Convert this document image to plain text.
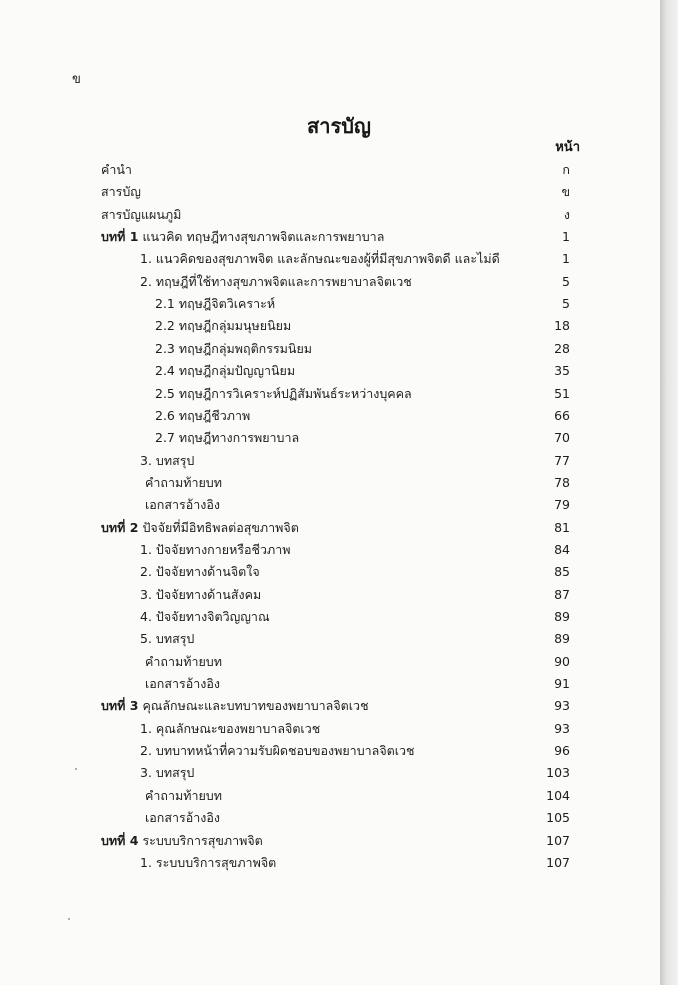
ข
สารบัญ
หน้า
คำนำ	ก
สารบัญ	ข
สารบัญแผนภูมิ	ง
บทที่ 1 แนวคิด ทฤษฎีทางสุขภาพจิตและการพยาบาล	1
1. แนวคิดของสุขภาพจิต และลักษณะของผู้ที่มีสุขภาพจิตดี และไม่ดี	1
2. ทฤษฎีที่ใช้ทางสุขภาพจิตและการพยาบาลจิตเวช	5
2.1 ทฤษฎีจิตวิเคราะห์	5
2.2 ทฤษฎีกลุ่มมนุษยนิยม	18
2.3 ทฤษฎีกลุ่มพฤติกรรมนิยม	28
2.4 ทฤษฎีกลุ่มปัญญานิยม	35
2.5 ทฤษฎีการวิเคราะห์ปฏิสัมพันธ์ระหว่างบุคคล	51
2.6 ทฤษฎีชีวภาพ	66
2.7 ทฤษฎีทางการพยาบาล	70
3. บทสรุป	77
คำถามท้ายบท	78
เอกสารอ้างอิง	79
บทที่ 2 ปัจจัยที่มีอิทธิพลต่อสุขภาพจิต	81
1. ปัจจัยทางกายหรือชีวภาพ	84
2. ปัจจัยทางด้านจิตใจ	85
3. ปัจจัยทางด้านสังคม	87
4. ปัจจัยทางจิตวิญญาณ	89
5. บทสรุป	89
คำถามท้ายบท	90
เอกสารอ้างอิง	91
บทที่ 3 คุณลักษณะและบทบาทของพยาบาลจิตเวช	93
1. คุณลักษณะของพยาบาลจิตเวช	93
2. บทบาทหน้าที่ความรับผิดชอบของพยาบาลจิตเวช	96
3. บทสรุป	103
คำถามท้ายบท	104
เอกสารอ้างอิง	105
บทที่ 4 ระบบบริการสุขภาพจิต	107
1. ระบบบริการสุขภาพจิต	107
